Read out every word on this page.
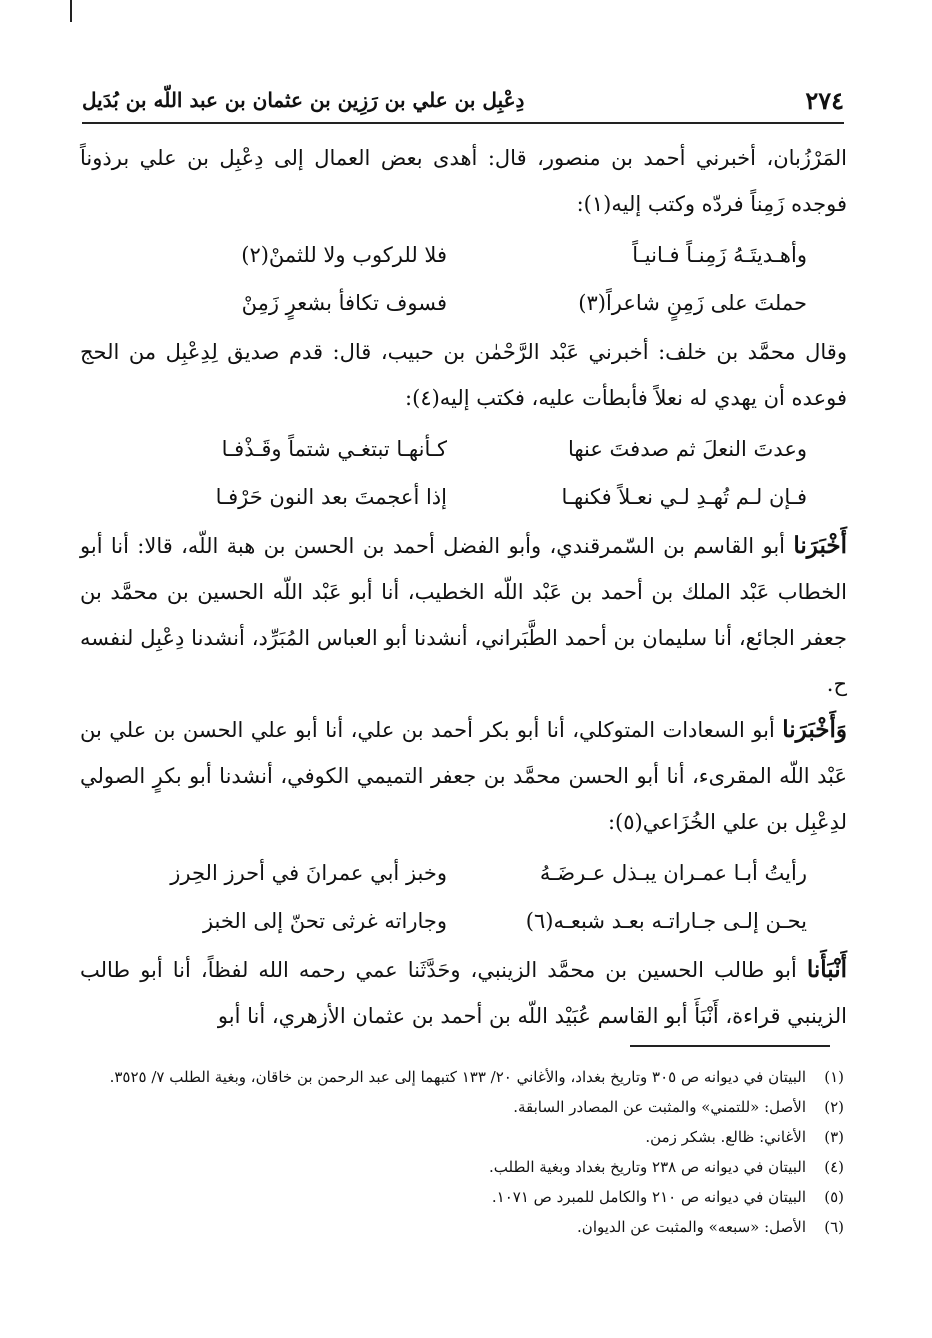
٢٧٤
دِعْبِل بن علي بن رَزِين بن عثمان بن عبد اللّه بن بُدَيل

المَرْزُبان، أخبرني أحمد بن منصور، قال: أهدى بعض العمال إلى دِعْبِل بن علي برذوناً فوجده زَمِناً فردّه وكتب إليه(١):

وأهـديتَـهُ زَمِنـاً فـانيـاً
فلا للركوب ولا للثمنْ(٢)
حملتَ على زَمِنٍ شاعراً(٣)
فسوف تكافأ بشعرٍ زَمِنْ

وقال محمَّد بن خلف: أخبرني عَبْد الرَّحْمٰن بن حبيب، قال: قدم صديق لِدِعْبِل من الحج فوعده أن يهدي له نعلاً فأبطأت عليه، فكتب إليه(٤):

وعدتَ النعلَ ثم صدفتَ عنها
كـأنهـا تبتغـي شتماً وقَـذْفـا
فـإن لـم تُهـدِ لـي نعـلاً فكنهـا
إذا أعجمتَ بعد النون حَرْفـا

أَخْبَرَنا أبو القاسم بن السّمرقندي، وأبو الفضل أحمد بن الحسن بن هبة اللّه، قالا: أنا أبو الخطاب عَبْد الملك بن أحمد بن عَبْد اللّه الخطيب، أنا أبو عَبْد اللّه الحسين بن محمَّد بن جعفر الجائع، أنا سليمان بن أحمد الطَّبَراني، أنشدنا أبو العباس المُبَرِّد، أنشدنا دِعْبِل لنفسه ح.

وَأَخْبَرَنا أبو السعادات المتوكلي، أنا أبو بكر أحمد بن علي، أنا أبو علي الحسن بن علي بن عَبْد اللّه المقرىء، أنا أبو الحسن محمَّد بن جعفر التميمي الكوفي، أنشدنا أبو بكرٍ الصولي لدِعْبِل بن علي الخُزَاعي(٥):

رأيتُ أبـا عمـران يبـذل عـرضَـهُ
وخبز أبي عمرانَ في أحرز الحِرز
يحـن إلـى جـاراتـه بعـد شبعـه(٦)
وجاراته غرثى تحنّ إلى الخبز

أَنْبَأَنا أبو طالب الحسين بن محمَّد الزينبي، وحَدَّثَنا عمي رحمه الله لفظاً، أنا أبو طالب الزينبي قراءة، أَنْبَأَ أبو القاسم عُبَيْد اللّه بن أحمد بن عثمان الأزهري، أنا أبو

(١)
البيتان في ديوانه ص ٣٠٥ وتاريخ بغداد، والأغاني ٢٠/ ١٣٣ كتبهما إلى عبد الرحمن بن خاقان، وبغية الطلب ٧/ ٣٥٢٥.
(٢)
الأصل: «للتمني» والمثبت عن المصادر السابقة.
(٣)
الأغاني: ظالع. بشكر زمن.
(٤)
البيتان في ديوانه ص ٢٣٨ وتاريخ بغداد وبغية الطلب.
(٥)
البيتان في ديوانه ص ٢١٠ والكامل للمبرد ص ١٠٧١.
(٦)
الأصل: «سبعه» والمثبت عن الديوان.
